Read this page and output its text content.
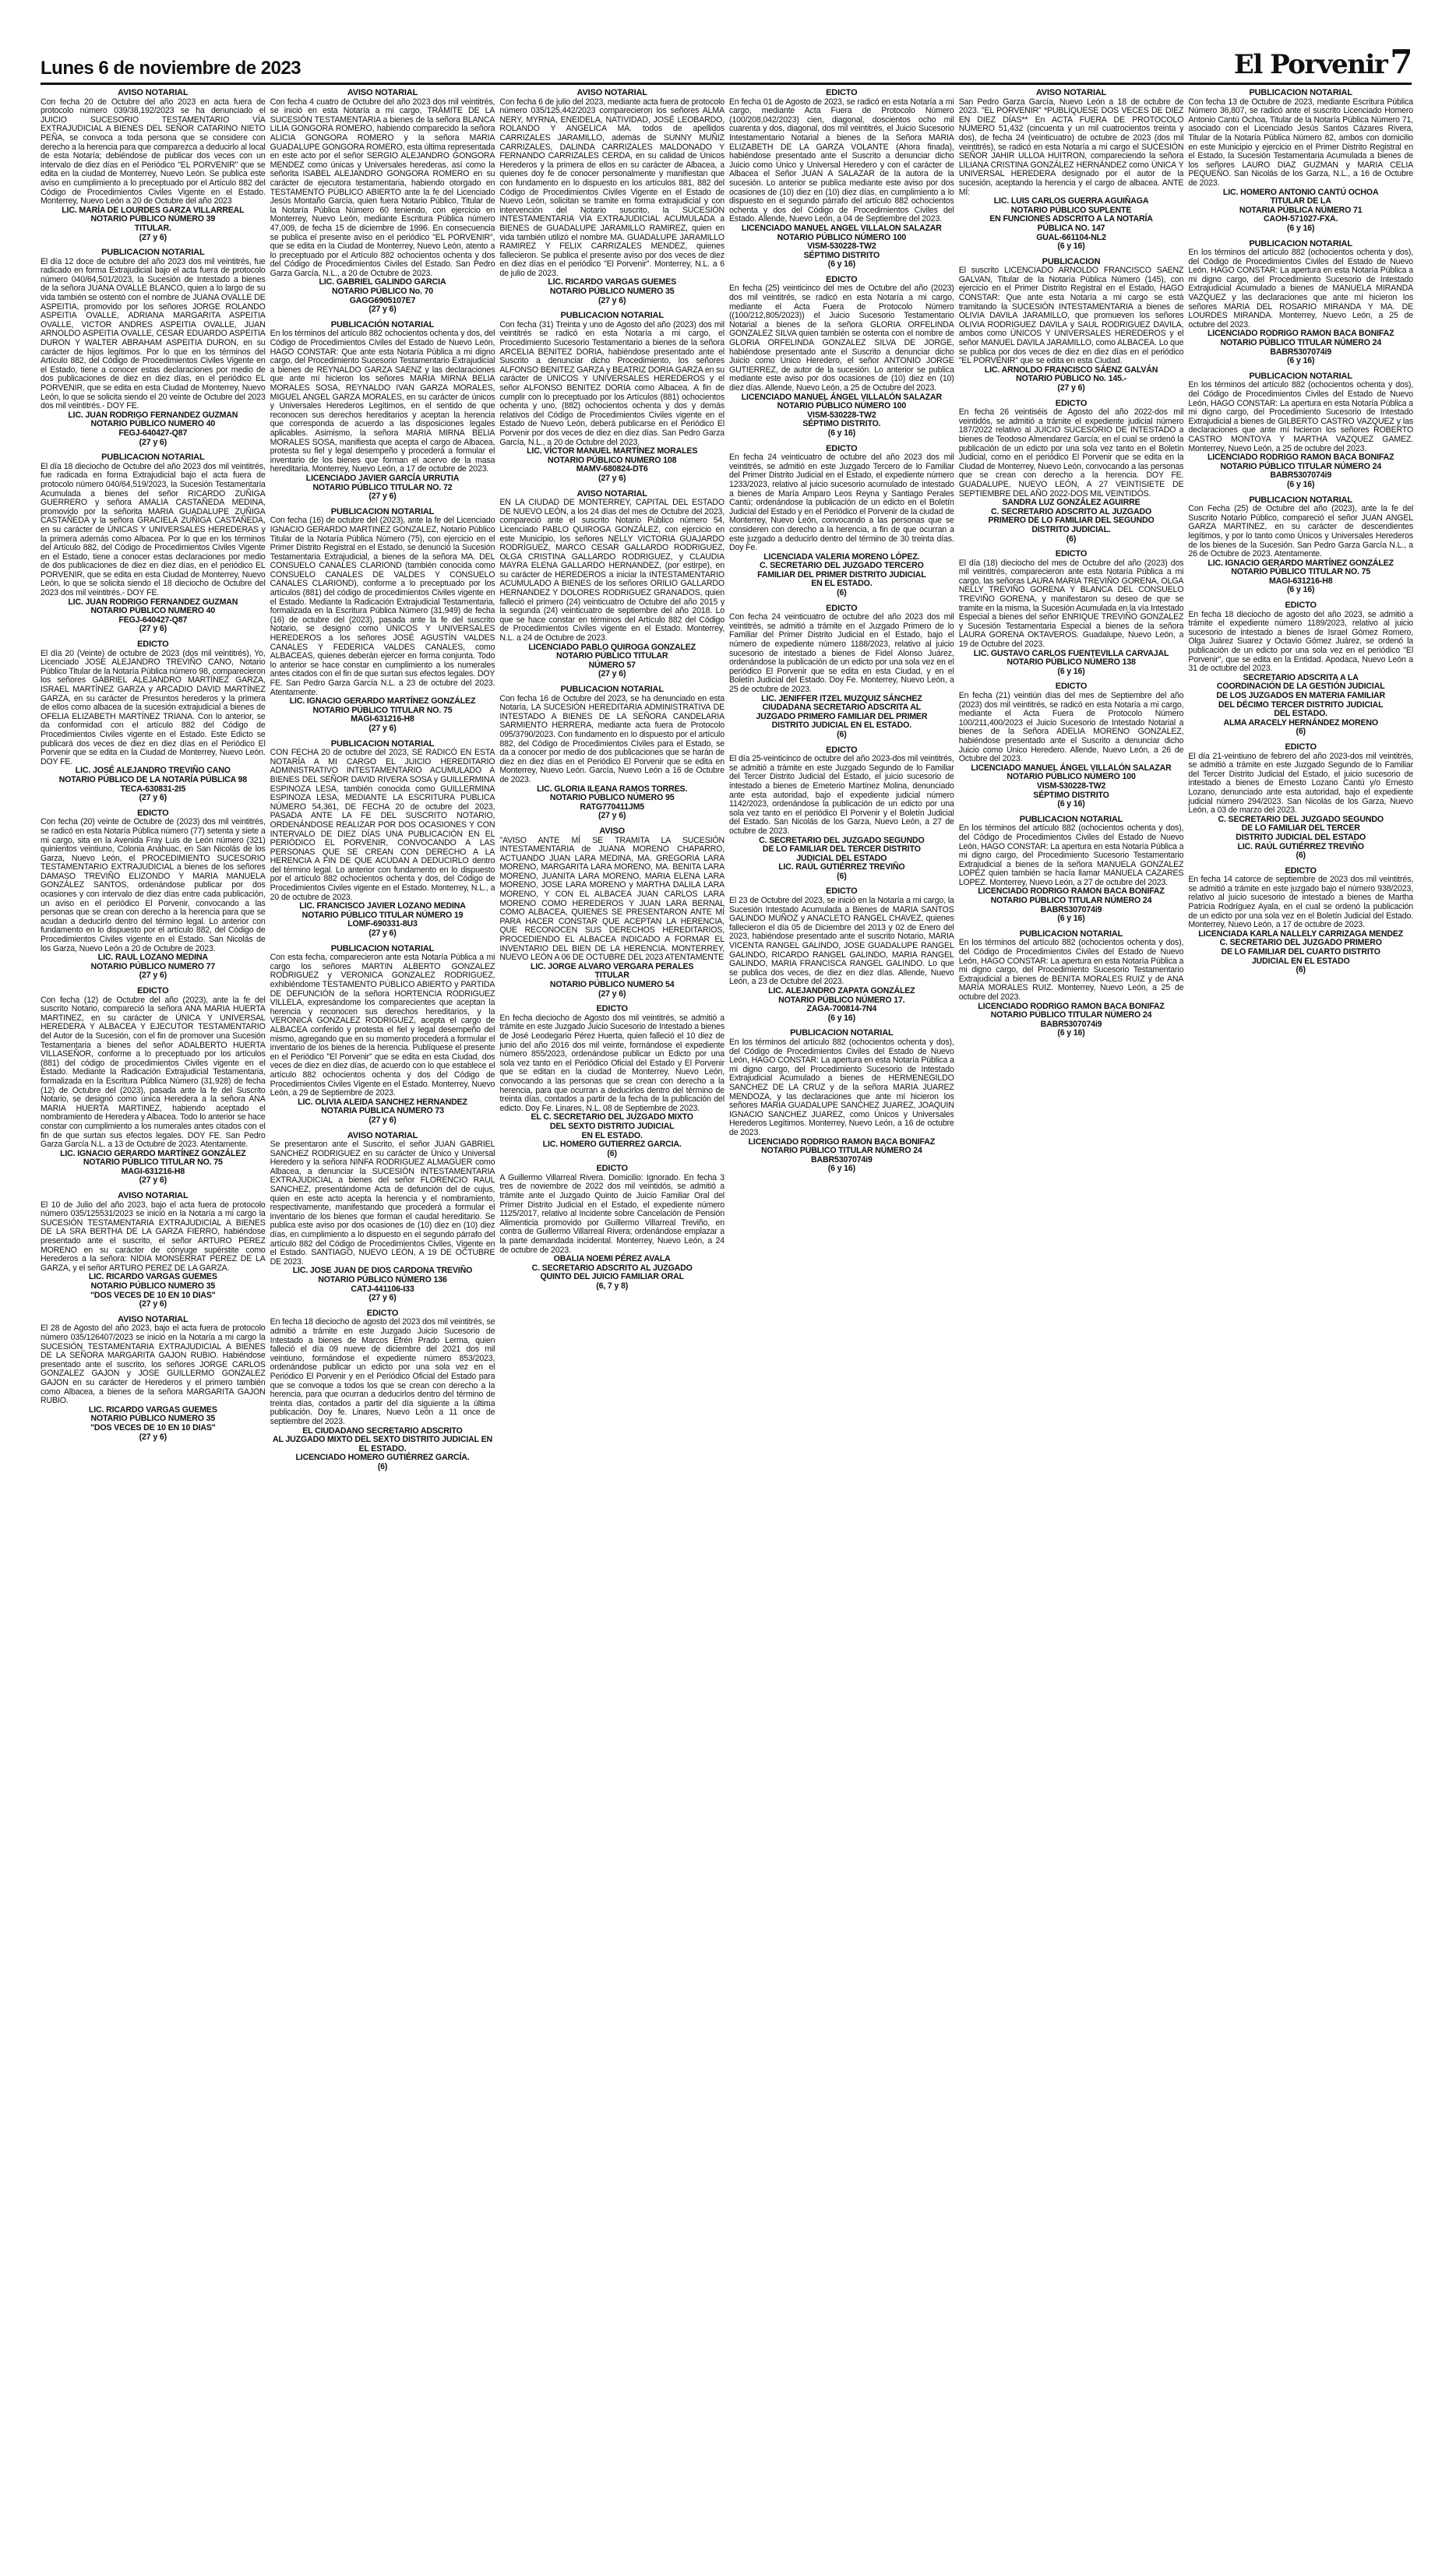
Lunes 6 de noviembre de 2023	El Porvenir7
AVISO NOTARIAL
Con fecha 20 de Octubre del año 2023 en acta fuera de protocolo número 039/38,192/2023 se ha denunciado el JUICIO SUCESORIO TESTAMENTARIO VÍA EXTRAJUDICIAL A BIENES DEL SEÑOR CATARINO NIETO PEÑA, se convoca a toda persona que se considere con derecho a la herencia para que comparezca a deducirlo al local de esta Notaría; debiéndose de publicar dos veces con un intervalo de diez días en el Periódico "EL PORVENIR" que se edita en la ciudad de Monterrey, Nuevo León. Se publica este aviso en cumplimiento a lo preceptuado por el Artículo 882 del Código de Procedimientos Civiles Vigente en el Estado. Monterrey, Nuevo León a 20 de Octubre del año 2023
LIC. MARÍA DE LOURDES GARZA VILLARREAL
NOTARIO PÚBLICO NÚMERO 39
TITULAR.
(27 y 6)
PUBLICACION NOTARIAL
El día 12 doce de octubre del año 2023 dos mil veintitrés, fue radicado en forma Extrajudicial bajo el acta fuera de protocolo número 040/64,501/2023, la Sucesión de Intestado a bienes de la señora JUANA OVALLE BLANCO, quien a lo largo de su vida también se ostentó con el nombre de JUANA OVALLE DE ASPEITIA, promovido por los señores JORGE ROLANDO ASPEITIA OVALLE, ADRIANA MARGARITA ASPEITIA OVALLE, VICTOR ANDRES ASPEITIA OVALLE, JUAN ARNOLDO ASPEITIA OVALLE, CESAR EDUARDO ASPEITIA DURON Y WALTER ABRAHAM ASPEITIA DURON, en su carácter de hijos legítimos. Por lo que en los términos del Artículo 882, del Código de Procedimientos Civiles Vigente en el Estado, tiene a conocer estas declaraciones por medio de dos publicaciones de diez en diez días, en el periódico EL PORVENIR, que se edita en esta Ciudad de Monterrey, Nuevo León, lo que se solicita siendo el 20 veinte de Octubre del 2023 dos mil veintitrés.- DOY FE.
LIC. JUAN RODRIGO FERNANDEZ GUZMAN
NOTARIO PÚBLICO NUMERO 40
FEGJ-640427-Q87
(27 y 6)
PUBLICACION NOTARIAL
El día 18 dieciocho de Octubre del año 2023 dos mil veintitrés, fue radicada en forma Extrajudicial bajo el acta fuera de protocolo número 040/64,519/2023, la Sucesión Testamentaria Acumulada a bienes del señor RICARDO ZUÑIGA GUERRERO y señora AMALIA CASTAÑEDA MEDINA, promovido por la señorita MARIA GUADALUPE ZUÑIGA CASTAÑEDA y la señora GRACIELA ZUÑIGA CASTAÑEDA, en su carácter de ÚNICAS Y UNIVERSALES HEREDERAS y la primera además como Albacea. Por lo que en los términos del Artículo 882, del Código de Procedimientos Civiles Vigente en el Estado, tiene a conocer estas declaraciones por medio de dos publicaciones de diez en diez días, en el periódico EL PORVENIR, que se edita en esta Ciudad de Monterrey, Nuevo León, lo que se solicita siendo el 18 dieciocho de Octubre del 2023 dos mil veintitrés.- DOY FE.
LIC. JUAN RODRIGO FERNANDEZ GUZMAN
NOTARIO PÚBLICO NUMERO 40
FEGJ-640427-Q87
(27 y 6)
EDICTO
El día 20 (Veinte) de octubre de 2023 (dos mil veintitrés), Yo, Licenciado JOSE ALEJANDRO TREVIÑO CANO, Notario Público Titular de la Notaría Pública número 98, comparecieron los señores GABRIEL ALEJANDRO MARTÍNEZ GARZA, ISRAEL MARTÍNEZ GARZA y ARCADIO DAVID MARTÍNEZ GARZA, en su carácter de Presuntos herederos y la primera de ellos como albacea de la sucesión extrajudicial a bienes de OFELIA ELIZABETH MARTÍNEZ TRIANA. Con lo anterior, se da conformidad con el artículo 882 del Código de Procedimientos Civiles vigente en el Estado. Este Edicto se publicará dos veces de diez en diez días en el Periódico El Porvenir que se edita en la Ciudad de Monterrey, Nuevo León. DOY FE.
LIC. JOSÉ ALEJANDRO TREVIÑO CANO
NOTARIO PÚBLICO DE LA NOTARÍA PÚBLICA 98
TECA-630831-2I5
(27 y 6)
EDICTO
Con fecha (20) veinte de Octubre de (2023) dos mil veintitrés, se radicó en esta Notaría Pública número (77) setenta y siete a mi cargo, sita en la Avenida Fray Luis de León número (321) quinientos veintiuno, Colonia Anáhuac, en San Nicolás de los Garza, Nuevo León, el PROCEDIMIENTO SUCESORIO TESTAMENTARIO EXTRAJUDICIAL a bienes de los señores DAMASO TREVIÑO ELIZONDO Y MARIA MANUELA GONZÁLEZ SANTOS, ordenándose publicar por dos ocasiones y con intervalo de diez días entre cada publicación, un aviso en el periódico El Porvenir, convocando a las personas que se crean con derecho a la herencia para que se acudan a deducirlo dentro del término legal. Lo anterior con fundamento en lo dispuesto por el artículo 882, del Código de Procedimientos Civiles vigente en el Estado. San Nicolás de los Garza, Nuevo León a 20 de Octubre de 2023.
LIC. RAUL LOZANO MEDINA
NOTARIO PÚBLICO NUMERO 77
(27 y 6)
EDICTO
Con fecha (12) de Octubre del año (2023), ante la fe del suscrito Notario, compareció la señora ANA MARIA HUERTA MARTINEZ, en su carácter de ÚNICA Y UNIVERSAL HEREDERA Y ALBACEA Y EJECUTOR TESTAMENTARIO del Autor de la Sucesión, con el fin de promover una Sucesión Testamentaria a bienes del señor ADALBERTO HUERTA VILLASEÑOR, conforme a lo preceptuado por los artículos (881) del código de procedimientos Civiles vigente en el Estado. Mediante la Radicación Extrajudicial Testamentaria, formalizada en la Escritura Pública Número (31,928) de fecha (12) de Octubre del (2023), pasada ante la fe del Suscrito Notario, se designó como única Heredera a la señora ANA MARIA HUERTA MARTINEZ, habiendo aceptado el nombramiento de Heredera y Albacea. Todo lo anterior se hace constar con cumplimiento a los numerales antes citados con el fin de que surtan sus efectos legales. DOY FE. San Pedro Garza García N.L. a 13 de Octubre de 2023. Atentamente.
LIC. IGNACIO GERARDO MARTÍNEZ GONZÁLEZ
NOTARIO PÚBLICO TITULAR NO. 75
MAGI-631216-H8
(27 y 6)
AVISO NOTARIAL
El 10 de Julio del año 2023, bajo el acta fuera de protocolo número 035/125531/2023 se inició en la Notaría a mi cargo la SUCESIÓN TESTAMENTARIA EXTRAJUDICIAL A BIENES DE LA SRA BERTHA DE LA GARZA FIERRO, habiéndose presentado ante el suscrito, el señor ARTURO PEREZ MORENO en su carácter de cónyuge supérstite como Herederos a la señora: NIDIA MONSERRAT PEREZ DE LA GARZA, y el señor ARTURO PEREZ DE LA GARZA.
LIC. RICARDO VARGAS GUEMES
NOTARIO PÚBLICO NUMERO 35
"DOS VECES DE 10 EN 10 DIAS"
(27 y 6)
AVISO NOTARIAL
El 28 de Agosto del año 2023, bajo el acta fuera de protocolo número 035/126407/2023 se inició en la Notaría a mi cargo la SUCESIÓN TESTAMENTARIA EXTRAJUDICIAL A BIENES DE LA SEÑORA MARGARITA GAJON RUBIO. Habiéndose presentado ante el suscrito, los señores JORGE CARLOS GONZALEZ GAJON y JOSE GUILLERMO GONZALEZ GAJON en su carácter de Herederos y el primero también como Albacea, a bienes de la señora MARGARITA GAJON RUBIO.
LIC. RICARDO VARGAS GUEMES
NOTARIO PÚBLICO NUMERO 35
"DOS VECES DE 10 EN 10 DIAS"
(27 y 6)
AVISO NOTARIAL
Con fecha 4 cuatro de Octubre del año 2023 dos mil veintitrés, se inició en esta Notaría a mi cargo, TRÁMITE DE LA SUCESIÓN TESTAMENTARIA a bienes de la señora BLANCA LILIA GONGORA ROMERO, habiendo comparecido la señora ALICIA GONGORA ROMERO y la señora MARIA GUADALUPE GONGORA ROMERO, esta última representada en este acto por el señor SERGIO ALEJANDRO GONGORA MENDEZ como únicas y Universales herederas, así como la señorita ISABEL ALEJANDRO GONGORA ROMERO en su carácter de ejecutora testamentaria, habiendo otorgado en TESTAMENTO PÚBLICO ABIERTO ante la fe del Licenciado Jesús Montaño García, quien fuera Notario Público, Titular de la Notaría Pública Número 60 teniendo, con ejercicio en Monterrey, Nuevo León, mediante Escritura Pública número 47,009, de fecha 15 de diciembre de 1996. En consecuencia se publica el presente aviso en el periódico "EL PORVENIR", que se edita en la Ciudad de Monterrey, Nuevo León, atento a lo preceptuado por el Artículo 882 ochocientos ochenta y dos del Código de Procedimientos Civiles del Estado. San Pedro Garza García, N.L., a 20 de Octubre de 2023.
LIC. GABRIEL GALINDO GARCIA
NOTARIO PÚBLICO No. 70
GAGG6905107E7
(27 y 6)
PUBLICACIÓN NOTARIAL
En los términos del artículo 882 ochocientos ochenta y dos, del Código de Procedimientos Civiles del Estado de Nuevo León, HAGO CONSTAR: Que ante esta Notaría Pública a mi digno cargo, del Procedimiento Sucesorio Testamentario Extrajudicial a bienes de REYNALDO GARZA SAENZ y las declaraciones que ante mí hicieron los señores MARIA MIRNA BELIA MORALES SOSA, REYNALDO IVAN GARZA MORALES, MIGUEL ANGEL GARZA MORALES, en su carácter de únicos y Universales Herederos Legítimos, en el sentido de que reconocen sus derechos hereditarios y aceptan la herencia que corresponda de acuerdo a las disposiciones legales aplicables. Asimismo, la señora MARIA MIRNA BELIA MORALES SOSA, manifiesta que acepta el cargo de Albacea, protesta su fiel y legal desempeño y procederá a formular el inventario de los bienes que forman el acervo de la masa hereditaria. Monterrey, Nuevo León, a 17 de octubre de 2023.
LICENCIADO JAVIER GARCÍA URRUTIA
NOTARIO PÚBLICO TITULAR NO. 72
(27 y 6)
PUBLICACION NOTARIAL
Con fecha (16) de octubre del (2023), ante la fe del Licenciado IGNACIO GERARDO MARTINEZ GONZALEZ, Notario Público Titular de la Notaría Pública Número (75), con ejercicio en el Primer Distrito Registral en el Estado, se denunció la Sucesión Testamentaria Extrajudicial, a bienes de la señora MA. DEL CONSUELO CANALES CLARIOND (también conocida como CONSUELO CANALES DE VALDES Y CONSUELO CANALES CLARIOND), conforme a lo preceptuado por los artículos (881) del código de procedimientos Civiles vigente en el Estado. Mediante la Radicación Extrajudicial Testamentaria, formalizada en la Escritura Pública Número (31,949) de fecha (16) de octubre del (2023), pasada ante la fe del suscrito Notario, se designó como ÚNICOS Y UNIVERSALES HEREDEROS a los señores JOSÉ AGUSTÍN VALDES CANALES Y FEDERICA VALDES CANALES, como ALBACEAS, quienes deberán ejercer en forma conjunta. Todo lo anterior se hace constar en cumplimiento a los numerales antes citados con el fin de que surtan sus efectos legales. DOY FE. San Pedro Garza García N.L. a 23 de octubre del 2023. Atentamente.
LIC. IGNACIO GERARDO MARTÍNEZ GONZÁLEZ
NOTARIO PÚBLICO TITULAR NO. 75
MAGI-631216-H8
(27 y 6)
PUBLICACION NOTARIAL
CON FECHA 20 de octubre del 2023, SE RADICÓ EN ESTA NOTARÍA A MI CARGO EL JUICIO HEREDITARIO ADMINISTRATIVO INTESTAMENTARIO ACUMULADO A BIENES DEL SEÑOR DAVID RIVERA SOSA y GUILLERMINA ESPINOZA LESA, también conocida como GUILLERMINA ESPINOZA LESA, MEDIANTE LA ESCRITURA PÚBLICA NÚMERO 54,361, DE FECHA 20 de octubre del 2023, PASADA ANTE LA FE DEL SUSCRITO NOTARIO, ORDENÁNDOSE REALIZAR POR DOS OCASIONES Y CON INTERVALO DE DIEZ DÍAS UNA PUBLICACIÓN EN EL PERIÓDICO EL PORVENIR, CONVOCANDO A LAS PERSONAS QUE SE CREAN CON DERECHO A LA HERENCIA A FIN DE QUE ACUDAN A DEDUCIRLO dentro del término legal. Lo anterior con fundamento en lo dispuesto por el artículo 882 ochocientos ochenta y dos, del Código de Procedimientos Civiles vigente en el Estado. Monterrey, N.L., a 20 de octubre de 2023.
LIC. FRANCISCO JAVIER LOZANO MEDINA
NOTARIO PÚBLICO TITULAR NÚMERO 19
LOMF-690331-8U3
(27 y 6)
PUBLICACION NOTARIAL
Con esta fecha, comparecieron ante esta Notaría Pública a mi cargo los señores MARTIN ALBERTO GONZALEZ RODRIGUEZ y VERONICA GONZALEZ RODRIGUEZ, exhibiéndome TESTAMENTO PÚBLICO ABIERTO y PARTIDA DE DEFUNCIÓN de la señora HORTENCIA RODRIGUEZ VILLELA, expresándome los comparecientes que aceptan la herencia y reconocen sus derechos hereditarios, y la VERONICA GONZALEZ RODRIGUEZ, acepta el cargo de ALBACEA conferido y protesta el fiel y legal desempeño del mismo, agregando que en su momento procederá a formular el inventario de los bienes de la herencia. Publíquese el presente en el Periódico "El Porvenir" que se edita en esta Ciudad, dos veces de diez en diez días, de acuerdo con lo que establece el artículo 882 ochocientos ochenta y dos del Código de Procedimientos Civiles Vigente en el Estado. Monterrey, Nuevo León, a 29 de Septiembre de 2023.
LIC. OLIVIA ALEIDA SANCHEZ HERNANDEZ
NOTARIA PÚBLICA NÚMERO 73
(27 y 6)
AVISO NOTARIAL
Se presentaron ante el Suscrito, el señor JUAN GABRIEL SANCHEZ RODRIGUEZ en su carácter de Único y Universal Heredero y la señora NINFA RODRIGUEZ ALMAGUER como Albacea, a denunciar la SUCESIÓN INTESTAMENTARIA EXTRAJUDICIAL a bienes del señor FLORENCIO RAUL SANCHEZ, presentándome Acta de defunción del de cujus, quien en este acto acepta la herencia y el nombramiento, respectivamente, manifestando que procederá a formular el inventario de los bienes que forman el caudal hereditario. Se publica este aviso por dos ocasiones de (10) diez en (10) diez días, en cumplimiento a lo dispuesto en el segundo párrafo del artículo 882 del Código de Procedimientos Civiles, Vigente en el Estado. SANTIAGO, NUEVO LEÓN, A 19 DE OCTUBRE DE 2023.
LIC. JOSE JUAN DE DIOS CARDONA TREVIÑO
NOTARIO PÚBLICO NÚMERO 136
CATJ-441106-I33
(27 y 6)
EDICTO
En fecha 18 dieciocho de agosto del 2023 dos mil veintitrés, se admitió a trámite en este Juzgado Juicio Sucesorio de Intestado a bienes de Marcos Efrén Prado Lerma, quien falleció el día 09 nueve de diciembre del 2021 dos mil veintiuno, formándose el expediente número 853/2023, ordenándose publicar un edicto por una sola vez en el Periódico El Porvenir y en el Periódico Oficial del Estado para que se convoque a todos los que se crean con derecho a la herencia, para que ocurran a deducirlos dentro del término de treinta días, contados a partir del día siguiente a la última publicación. Doy fe. Linares, Nuevo León a 11 once de septiembre del 2023.
EL CIUDADANO SECRETARIO ADSCRITO
AL JUZGADO MIXTO DEL SEXTO DISTRITO JUDICIAL EN EL ESTADO.
LICENCIADO HOMERO GUTIÉRREZ GARCÍA.
(6)
AVISO NOTARIAL
Con fecha 6 de julio del 2023, mediante acta fuera de protocolo número 035/125,442/2023 comparecieron los señores ALMA NERY, MYRNA, ENEIDELA, NATIVIDAD, JOSÉ LEOBARDO, ROLANDO Y ANGELICA MA. todos de apellidos CARRIZALES JARAMILLO, además de SUNNY MUÑIZ CARRIZALES, DALINDA CARRIZALES MALDONADO Y FERNANDO CARRIZALES CERDA, en su calidad de Únicos Herederos y la primera de ellos en su carácter de Albacea, a quienes doy fe de conocer personalmente y manifiestan que con fundamento en lo dispuesto en los artículos 881, 882 del Código de Procedimientos Civiles Vigente en el Estado de Nuevo León, solicitan se tramite en forma extrajudicial y con intervención del Notario suscrito, la SUCESIÓN INTESTAMENTARIA VÍA EXTRAJUDICIAL ACUMULADA a BIENES de GUADALUPE JARAMILLO RAMIREZ, quien en vida también utilizó el nombre MA. GUADALUPE JARAMILLO RAMIREZ Y FELIX CARRIZALES MENDEZ, quienes fallecieron. Se publica el presente aviso por dos veces de diez en diez días en el periódico "El Porvenir". Monterrey, N.L. a 6 de julio de 2023.
LIC. RICARDO VARGAS GUEMES
NOTARIO PÚBLICO NUMERO 35
(27 y 6)
PUBLICACION NOTARIAL
Con fecha (31) Treinta y uno de Agosto del año (2023) dos mil veintitrés se radicó en esta Notaría a mi cargo, el Procedimiento Sucesorio Testamentario a bienes de la señora ARCELIA BENITEZ DORIA, habiéndose presentado ante el Suscrito a denunciar dicho Procedimiento, los señores ALFONSO BENITEZ GARZA y BEATRIZ DORIA GARZA en su carácter de ÚNICOS Y UNIVERSALES HEREDEROS y el señor ALFONSO BENITEZ DORIA como Albacea. A fin de cumplir con lo preceptuado por los Artículos (881) ochocientos ochenta y uno, (882) ochocientos ochenta y dos y demás relativos del Código de Procedimientos Civiles vigente en el Estado de Nuevo León, deberá publicarse en el Periódico El Porvenir por dos veces de diez en diez días. San Pedro Garza García, N.L., a 20 de Octubre del 2023.
LIC. VÍCTOR MANUEL MARTÍNEZ MORALES
NOTARIO PÚBLICO NUMERO 108
MAMV-680824-DT6
(27 y 6)
AVISO NOTARIAL
EN LA CIUDAD DE MONTERREY, CAPITAL DEL ESTADO DE NUEVO LEÓN, a los 24 días del mes de Octubre del 2023, compareció ante el suscrito Notario Público número 54, Licenciado PABLO QUIROGA GONZÁLEZ, con ejercicio en este Municipio, los señores NELLY VICTORIA GUAJARDO RODRÍGUEZ, MARCO CESAR GALLARDO RODRIGUEZ, OLGA CRISTINA GALLARDO RODRIGUEZ, y CLAUDIA MAYRA ELENA GALLARDO HERNANDEZ, (por estirpe), en su carácter de HEREDEROS a iniciar la INTESTAMENTARIO ACUMULADO A BIENES de los señores ORILIO GALLARDO HERNANDEZ Y DOLORES RODRIGUEZ GRANADOS, quien falleció el primero (24) veinticuatro de Octubre del año 2015 y la segunda (24) veinticuatro de septiembre del año 2018. Lo que se hace constar en términos del Artículo 882 del Código de Procedimientos Civiles vigente en el Estado. Monterrey, N.L. a 24 de Octubre de 2023.
LICENCIADO PABLO QUIROGA GONZALEZ
NOTARIO PÚBLICO TITULAR
NÚMERO 57
(27 y 6)
PUBLICACION NOTARIAL
Con fecha 16 de Octubre del 2023, se ha denunciado en esta Notaría, LA SUCESIÓN HEREDITARIA ADMINISTRATIVA DE INTESTADO A BIENES DE LA SEÑORA CANDELARIA SARMIENTO HERRERA, mediante acta fuera de Protocolo 095/3790/2023. Con fundamento en lo dispuesto por el artículo 882, del Código de Procedimientos Civiles para el Estado, se da a conocer por medio de dos publicaciones que se harán de diez en diez días en el Periódico El Porvenir que se edita en Monterrey, Nuevo León. García, Nuevo León a 16 de Octubre de 2023.
LIC. GLORIA ILEANA RAMOS TORRES.
NOTARIO PÚBLICO NÚMERO 95
RATG770411JM5
(27 y 6)
AVISO
"AVISO ANTE MÍ SE TRAMITA LA SUCESIÓN INTESTAMENTARIA de JUANA MORENO CHAPARRO, ACTUANDO JUAN LARA MEDINA, MA. GREGORIA LARA MORENO, MARGARITA LARA MORENO, MA. BENITA LARA MORENO, JUANITA LARA MORENO, MARIA ELENA LARA MORENO, JOSE LARA MORENO y MARTHA DALILA LARA MORENO, Y CON EL ALBACEA JUAN CARLOS LARA MORENO COMO HEREDEROS Y JUAN LARA BERNAL COMO ALBACEA, QUIENES SE PRESENTARON ANTE MÍ PARA HACER CONSTAR QUE ACEPTAN LA HERENCIA, QUE RECONOCEN SUS DERECHOS HEREDITARIOS, PROCEDIENDO EL ALBACEA INDICADO A FORMAR EL INVENTARIO DEL BIEN DE LA HERENCIA. MONTERREY, NUEVO LEÓN A 06 DE OCTUBRE DEL 2023 ATENTAMENTE
LIC. JORGE ALVARO VERGARA PERALES
TITULAR
NOTARIO PÚBLICO NUMERO 54
(27 y 6)
EDICTO
En fecha dieciocho de Agosto dos mil veintitrés, se admitió a trámite en este Juzgado Juicio Sucesorio de Intestado a bienes de José Leodegario Pérez Huerta, quien falleció el 10 diez de junio del año 2016 dos mil veinte, formándose el expediente número 855/2023, ordenándose publicar un Edicto por una sola vez tanto en el Periódico Oficial del Estado y El Porvenir que se editan en la ciudad de Monterrey, Nuevo León, convocando a las personas que se crean con derecho a la herencia, para que ocurran a deducirlos dentro del término de treinta días, contados a partir de la fecha de la publicación del edicto. Doy Fe. Linares, N.L. 08 de Septiembre de 2023.
EL C. SECRETARIO DEL JUZGADO MIXTO
DEL SEXTO DISTRITO JUDICIAL
EN EL ESTADO.
LIC. HOMERO GUTIERREZ GARCIA.
(6)
EDICTO
A Guillermo Villarreal Rivera. Domicilio: Ignorado. En fecha 3 tres de noviembre de 2022 dos mil veintidós, se admitió a trámite ante el Juzgado Quinto de Juicio Familiar Oral del Primer Distrito Judicial en el Estado, el expediente número 1125/2017, relativo al Incidente sobre Cancelación de Pensión Alimenticia promovido por Guillermo Villarreal Treviño, en contra de Guillermo Villarreal Rivera; ordenándose emplazar a la parte demandada incidental. Monterrey, Nuevo León, a 24 de octubre de 2023.
OBALIA NOEMI PÉREZ AVALA
C. SECRETARIO ADSCRITO AL JUZGADO
QUINTO DEL JUICIO FAMILIAR ORAL
(6, 7 y 8)
EDICTO
En fecha 01 de Agosto de 2023, se radicó en esta Notaría a mi cargo, mediante Acta Fuera de Protocolo Número (100/208,042/2023) cien, diagonal, doscientos ocho mil cuarenta y dos, diagonal, dos mil veintitrés, el Juicio Sucesorio Intestamentario Notarial a bienes de la Señora MARIA ELIZABETH DE LA GARZA VOLANTE (Ahora finada), habiéndose presentado ante el Suscrito a denunciar dicho Juicio como Único y Universal Heredero y con el carácter de Albacea el Señor JUAN A SALAZAR de la autora de la sucesión. Lo anterior se publica mediante este aviso por dos ocasiones de (10) diez en (10) diez días, en cumplimiento a lo dispuesto en el segundo párrafo del artículo 882 ochocientos ochenta y dos del Código de Procedimientos Civiles del Estado. Allende, Nuevo León, a 04 de Septiembre del 2023.
LICENCIADO MANUEL ANGEL VILLALON SALAZAR
NOTARIO PÚBLICO NÚMERO 100
VISM-530228-TW2
SÉPTIMO DISTRITO
(6 y 16)
EDICTO
En fecha (25) veinticinco del mes de Octubre del año (2023) dos mil veintitrés, se radicó en esta Notaría a mi cargo, mediante el Acta Fuera de Protocolo Número ((100/212,805/2023)) el Juicio Sucesorio Testamentario Notarial a bienes de la señora GLORIA ORFELINDA GONZALEZ SILVA quien también se ostenta con el nombre de GLORIA ORFELINDA GONZALEZ SILVA DE JORGE, habiéndose presentado ante el Suscrito a denunciar dicho Juicio como Único Heredero, el señor ANTONIO JORGE GUTIERREZ, de autor de la sucesión. Lo anterior se publica mediante este aviso por dos ocasiones de (10) diez en (10) diez días. Allende, Nuevo León, a 25 de Octubre del 2023.
LICENCIADO MANUEL ÁNGEL VILLALÓN SALAZAR
NOTARIO PÚBLICO NÚMERO 100
VISM-530228-TW2
SÉPTIMO DISTRITO.
(6 y 16)
EDICTO
En fecha 24 veinticuatro de octubre del año 2023 dos mil veintitrés, se admitió en este Juzgado Tercero de lo Familiar del Primer Distrito Judicial en el Estado, el expediente número 1233/2023, relativo al juicio sucesorio acumulado de intestado a bienes de María Amparo Leos Reyna y Santiago Perales Cantú; ordenándose la publicación de un edicto en el Boletín Judicial del Estado y en el Periódico el Porvenir de la ciudad de Monterrey, Nuevo León, convocando a las personas que se consideren con derecho a la herencia, a fin de que ocurran a este juzgado a deducirlo dentro del término de 30 treinta días. Doy Fe.
LICENCIADA VALERIA MORENO LÓPEZ.
C. SECRETARIO DEL JUZGADO TERCERO
FAMILIAR DEL PRIMER DISTRITO JUDICIAL
EN EL ESTADO.
(6)
EDICTO
Con fecha 24 veinticuatro de octubre del año 2023 dos mil veintitrés, se admitió a trámite en el Juzgado Primero de lo Familiar del Primer Distrito Judicial en el Estado, bajo el número de expediente número 1188/2023, relativo al juicio sucesorio de intestado a bienes de Fidel Alonso Juárez, ordenándose la publicación de un edicto por una sola vez en el periódico El Porvenir que se edita en esta Ciudad, y en el Boletín Judicial del Estado. Doy Fe. Monterrey, Nuevo León, a 25 de octubre de 2023.
LIC. JENIFFER ITZEL MUZQUIZ SÁNCHEZ
CIUDADANA SECRETARIO ADSCRITA AL
JUZGADO PRIMERO FAMILIAR DEL PRIMER
DISTRITO JUDICIAL EN EL ESTADO.
(6)
EDICTO
El día 25-veinticinco de octubre del año 2023-dos mil veintitrés, se admitió a trámite en este Juzgado Segundo de lo Familiar del Tercer Distrito Judicial del Estado, el juicio sucesorio de intestado a bienes de Emeterio Martínez Molina, denunciado ante esta autoridad, bajo el expediente judicial número 1142/2023, ordenándose la publicación de un edicto por una sola vez tanto en el periódico El Porvenir y el Boletín Judicial del Estado. San Nicolás de los Garza, Nuevo León, a 27 de octubre de 2023.
C. SECRETARIO DEL JUZGADO SEGUNDO
DE LO FAMILIAR DEL TERCER DISTRITO
JUDICIAL DEL ESTADO
LIC. RAÚL GUTIÉRREZ TREVIÑO
(6)
EDICTO
El 23 de Octubre del 2023, se inició en la Notaría a mi cargo, la Sucesión Intestado Acumulada a Bienes de MARIA SANTOS GALINDO MUÑOZ y ANACLETO RANGEL CHAVEZ, quienes fallecieron el día 05 de Diciembre del 2013 y 02 de Enero del 2023, habiéndose presentado ante el suscrito Notario, MARIA VICENTA RANGEL GALINDO, JOSE GUADALUPE RANGEL GALINDO, RICARDO RANGEL GALINDO, MARIA RANGEL GALINDO, MARIA FRANCISCA RANGEL GALINDO. Lo que se publica dos veces, de diez en diez días. Allende, Nuevo León, a 23 de Octubre del 2023.
LIC. ALEJANDRO ZAPATA GONZÁLEZ
NOTARIO PÚBLICO NÚMERO 17.
ZAGA-700814-7N4
(6 y 16)
PUBLICACION NOTARIAL
En los términos del artículo 882 (ochocientos ochenta y dos), del Código de Procedimientos Civiles del Estado de Nuevo León, HAGO CONSTAR: La apertura en esta Notaría Pública a mi digno cargo, del Procedimiento Sucesorio de Intestado Extrajudicial Acumulado a bienes de HERMENEGILDO SANCHEZ DE LA CRUZ y de la señora MARIA JUAREZ MENDOZA, y las declaraciones que ante mí hicieron los señores MARIA GUADALUPE SANCHEZ JUAREZ, JOAQUIN IGNACIO SANCHEZ JUAREZ, como Únicos y Universales Herederos Legítimos. Monterrey, Nuevo León, a 16 de octubre de 2023.
LICENCIADO RODRIGO RAMON BACA BONIFAZ
NOTARIO PÚBLICO TITULAR NÚMERO 24
BABR5307074i9
(6 y 16)
AVISO NOTARIAL
San Pedro Garza García, Nuevo León a 18 de octubre de 2023. "EL PORVENIR" *PUBLÍQUESE DOS VECES DE DIEZ EN DIEZ DÍAS** En ACTA FUERA DE PROTOCOLO NÚMERO 51,432 (cincuenta y un mil cuatrocientos treinta y dos), de fecha 24 (veinticuatro) de octubre de 2023 (dos mil veintitrés), se radicó en esta Notaría a mi cargo el SUCESIÓN SEÑOR JAHIR ULLOA HUITRON, compareciendo la señora LILIANA CRISTINA GONZÁLEZ HERNÁNDEZ como ÚNICA Y UNIVERSAL HEREDERA designado por el autor de la sucesión, aceptando la herencia y el cargo de albacea. ANTE MÍ:
LIC. LUIS CARLOS GUERRA AGUIÑAGA
NOTARIO PÚBLICO SUPLENTE
EN FUNCIONES ADSCRITO A LA NOTARÍA
PÚBLICA NO. 147
GUAL-661104-NL2
(6 y 16)
PUBLICACION
El suscrito LICENCIADO ARNOLDO FRANCISCO SAENZ GALVAN, Titular de la Notaría Pública Número (145), con ejercicio en el Primer Distrito Registral en el Estado, HAGO CONSTAR: Que ante esta Notaría a mi cargo se está tramitando la SUCESIÓN INTESTAMENTARIA a bienes de OLIVIA DAVILA JARAMILLO, que promueven los señores OLIVIA RODRIGUEZ DAVILA y SAUL RODRIGUEZ DAVILA, ambos como ÚNICOS Y UNIVERSALES HEREDEROS y el señor MANUEL DAVILA JARAMILLO, como ALBACEA. Lo que se publica por dos veces de diez en diez días en el periódico "EL PORVENIR" que se edita en esta Ciudad.
LIC. ARNOLDO FRANCISCO SÁENZ GALVÁN
NOTARIO PÚBLICO No. 145.-
(27 y 6)
EDICTO
En fecha 26 veintiséis de Agosto del año 2022-dos mil veintidós, se admitió a trámite el expediente judicial número 187/2022 relativo al JUICIO SUCESORIO DE INTESTADO a bienes de Teodoso Almendarez García; en el cual se ordenó la publicación de un edicto por una sola vez tanto en el Boletín Judicial, como en el periódico El Porvenir que se edita en la Ciudad de Monterrey, Nuevo León, convocando a las personas que se crean con derecho a la herencia. DOY FE. GUADALUPE, NUEVO LEÓN, A 27 VEINTISIETE DE SEPTIEMBRE DEL AÑO 2022-DOS MIL VEINTIDÓS.
SANDRA LUZ GONZÁLEZ AGUIRRE
C. SECRETARIO ADSCRITO AL JUZGADO
PRIMERO DE LO FAMILIAR DEL SEGUNDO
DISTRITO JUDICIAL.
(6)
EDICTO
El día (18) dieciocho del mes de Octubre del año (2023) dos mil veintitrés, comparecieron ante esta Notaría Pública a mi cargo, las señoras LAURA MARIA TREVIÑO GORENA, OLGA NELLY TREVIÑO GORENA Y BLANCA DEL CONSUELO TREVIÑO GORENA, y manifestaron su deseo de que se tramite en la misma, la Sucesión Acumulada en la vía Intestado Especial a bienes del señor ENRIQUE TREVIÑO GONZALEZ y Sucesión Testamentaria Especial a bienes de la señora LAURA GORENA OKTAVEROS. Guadalupe, Nuevo León, a 19 de Octubre del 2023.
LIC. GUSTAVO CARLOS FUENTEVILLA CARVAJAL
NOTARIO PÚBLICO NÚMERO 138
(6 y 16)
EDICTO
En fecha (21) veintiún días del mes de Septiembre del año (2023) dos mil veintitrés, se radicó en esta Notaría a mi cargo, mediante el Acta Fuera de Protocolo Número 100/211,400/2023 el Juicio Sucesorio de Intestado Notarial a bienes de la Señora ADELIA MORENO GONZALEZ, habiéndose presentado ante el Suscrito a denunciar dicho Juicio como Único Heredero. Allende, Nuevo León, a 26 de Octubre del 2023.
LICENCIADO MANUEL ÁNGEL VILLALÓN SALAZAR
NOTARIO PÚBLICO NÚMERO 100
VISM-530228-TW2
SÉPTIMO DISTRITO
(6 y 16)
PUBLICACION NOTARIAL
En los términos del artículo 882 (ochocientos ochenta y dos), del Código de Procedimientos Civiles del Estado de Nuevo León, HAGO CONSTAR: La apertura en esta Notaría Pública a mi digno cargo, del Procedimiento Sucesorio Testamentario Extrajudicial a bienes de la señora MANUELA GONZALEZ LOPEZ quien también se hacía llamar MANUELA CAZARES LOPEZ. Monterrey, Nuevo León, a 27 de octubre del 2023.
LICENCIADO RODRIGO RAMON BACA BONIFAZ
NOTARIO PÚBLICO TITULAR NÚMERO 24
BABR5307074i9
(6 y 16)
PUBLICACION NOTARIAL
En los términos del artículo 882 (ochocientos ochenta y dos), del Código de Procedimientos Civiles del Estado de Nuevo León, HAGO CONSTAR: La apertura en esta Notaría Pública a mi digno cargo, del Procedimiento Sucesorio Testamentario Extrajudicial a bienes de BENITA MORALES RUIZ y de ANA MARIA MORALES RUIZ. Monterrey, Nuevo León, a 25 de octubre del 2023.
LICENCIADO RODRIGO RAMON BACA BONIFAZ
NOTARIO PÚBLICO TITULAR NÚMERO 24
BABR5307074i9
(6 y 16)
PUBLICACIÓN NOTARIAL
Con fecha 13 de Octubre de 2023, mediante Escritura Pública Número 36,807, se radicó ante el suscrito Licenciado Homero Antonio Cantú Ochoa, Titular de la Notaría Pública Número 71, asociado con el Licenciado Jesús Santos Cázares Rivera, Titular de la Notaría Pública Número 82, ambos con domicilio en este Municipio y ejercicio en el Primer Distrito Registral en el Estado, la Sucesión Testamentaria Acumulada a bienes de los señores LAURO DIAZ GUZMAN y MARIA CELIA PEQUEÑO. San Nicolás de los Garza, N.L., a 16 de Octubre de 2023.
LIC. HOMERO ANTONIO CANTÚ OCHOA
TITULAR DE LA
NOTARIA PÚBLICA NÚMERO 71
CAOH-571027-FXA.
(6 y 16)
PUBLICACION NOTARIAL
En los términos del artículo 882 (ochocientos ochenta y dos), del Código de Procedimientos Civiles del Estado de Nuevo León, HAGO CONSTAR: La apertura en esta Notaría Pública a mi digno cargo, del Procedimiento Sucesorio de Intestado Extrajudicial Acumulado a bienes de MANUELA MIRANDA VAZQUEZ y las declaraciones que ante mí hicieron los señores MARIA DEL ROSARIO MIRANDA Y MA. DE LOURDES MIRANDA. Monterrey, Nuevo León, a 25 de octubre del 2023.
LICENCIADO RODRIGO RAMON BACA BONIFAZ
NOTARIO PÚBLICO TITULAR NÚMERO 24
BABR5307074i9
(6 y 16)
PUBLICACION NOTARIAL
En los términos del artículo 882 (ochocientos ochenta y dos), del Código de Procedimientos Civiles del Estado de Nuevo León, HAGO CONSTAR: La apertura en esta Notaría Pública a mi digno cargo, del Procedimiento Sucesorio de Intestado Extrajudicial a bienes de GILBERTO CASTRO VAZQUEZ y las declaraciones que ante mí hicieron los señores ROBERTO CASTRO MONTOYA Y MARTHA VAZQUEZ GAMEZ. Monterrey, Nuevo León, a 25 de octubre del 2023.
LICENCIADO RODRIGO RAMON BACA BONIFAZ
NOTARIO PÚBLICO TITULAR NÚMERO 24
BABR5307074i9
(6 y 16)
PUBLICACION NOTARIAL
Con Fecha (25) de Octubre del año (2023), ante la fe del Suscrito Notario Público, compareció el señor JUAN ANGEL GARZA MARTINEZ, en su carácter de descendientes legítimos, y por lo tanto como Únicos y Universales Herederos de los bienes de la Sucesión. San Pedro Garza García N.L., a 26 de Octubre de 2023. Atentamente.
LIC. IGNACIO GERARDO MARTÍNEZ GONZÁLEZ
NOTARIO PÚBLICO TITULAR NO. 75
MAGI-631216-H8
(6 y 16)
EDICTO
En fecha 18 dieciocho de agosto del año 2023, se admitió a trámite el expediente número 1189/2023, relativo al juicio sucesorio de intestado a bienes de Israel Gómez Romero, Olga Juárez Suarez y Octavio Gómez Juárez, se ordenó la publicación de un edicto por una sola vez en el periódico "El Porvenir", que se edita en la Entidad. Apodaca, Nuevo León a 31 de octubre del 2023.
SECRETARIO ADSCRITA A LA
COORDINACIÓN DE LA GESTIÓN JUDICIAL
DE LOS JUZGADOS EN MATERIA FAMILIAR
DEL DÉCIMO TERCER DISTRITO JUDICIAL
DEL ESTADO.
ALMA ARACELY HERNÁNDEZ MORENO
(6)
EDICTO
El día 21-veintiuno de febrero del año 2023-dos mil veintitrés, se admitió a trámite en este Juzgado Segundo de lo Familiar del Tercer Distrito Judicial del Estado, el juicio sucesorio de intestado a bienes de Ernesto Lozano Cantú y/o Ernesto Lozano, denunciado ante esta autoridad, bajo el expediente judicial número 294/2023. San Nicolás de los Garza, Nuevo León, a 03 de marzo del 2023.
C. SECRETARIO DEL JUZGADO SEGUNDO
DE LO FAMILIAR DEL TERCER
DISTRITO JUDICIAL DEL ESTADO
LIC. RAÚL GUTIÉRREZ TREVIÑO
(6)
EDICTO
En fecha 14 catorce de septiembre de 2023 dos mil veintitrés, se admitió a trámite en este juzgado bajo el número 938/2023, relativo al juicio sucesorio de intestado a bienes de Martha Patricia Rodríguez Ayala, en el cual se ordenó la publicación de un edicto por una sola vez en el Boletín Judicial del Estado. Monterrey, Nuevo León, a 17 de octubre de 2023.
LICENCIADA KARLA NALLELY CARRIZAGA MENDEZ
C. SECRETARIO DEL JUZGADO PRIMERO
DE LO FAMILIAR DEL CUARTO DISTRITO
JUDICIAL EN EL ESTADO
(6)
